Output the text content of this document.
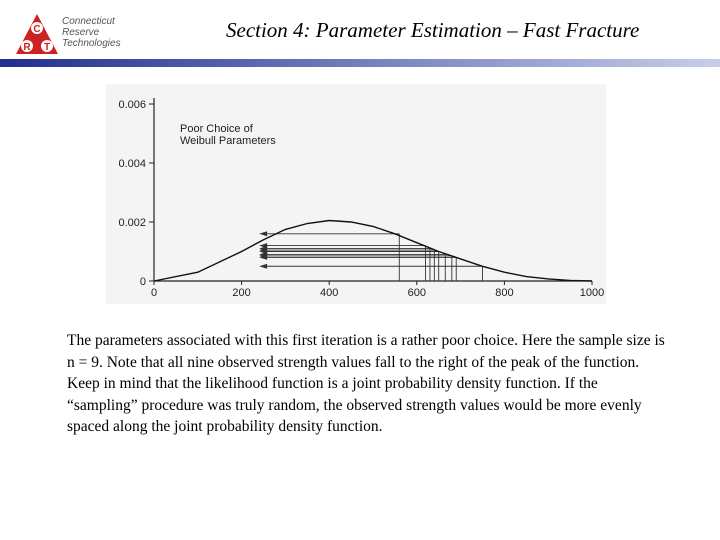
C
R T
Connecticut
Reserve
Technologies
Section 4: Parameter Estimation – Fast Fracture
0
0.002
0.004
0.006
0	200	400	600	800	1000
Poor Choice of
Weibull Parameters
The parameters associated with this first iteration is a rather poor choice. Here the sample size is n = 9. Note that all nine observed strength values fall to the right of the peak of the function. Keep in mind that the likelihood function is a joint probability density function. If the “sampling” procedure was truly random, the observed strength values would be more evenly spaced along the joint probability density function.
